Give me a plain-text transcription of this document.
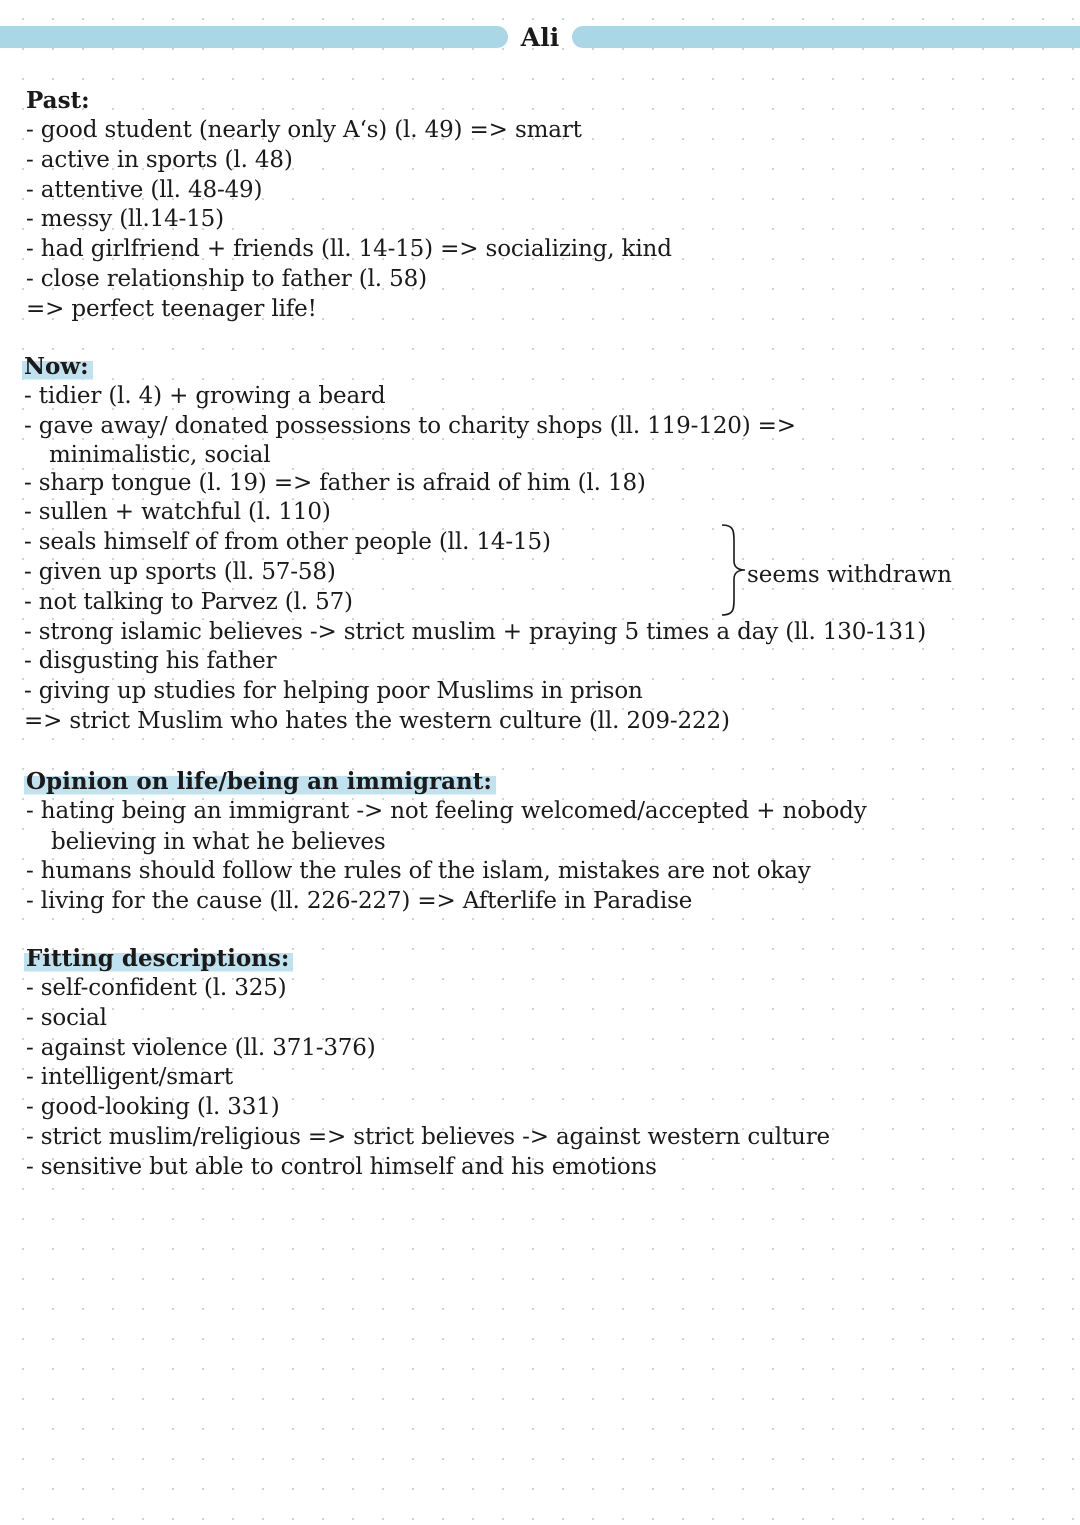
Ali
Past:
- good student (nearly only A‘s) (l. 49) => smart
- active in sports (l. 48)
- attentive (ll. 48-49)
- messy (ll.14-15)
- had girlfriend + friends (ll. 14-15) => socializing, kind
- close relationship to father (l. 58)
=> perfect teenager life!
Now:
- tidier (l. 4) + growing a beard
- gave away/ donated possessions to charity shops (ll. 119-120) =>
minimalistic, social
- sharp tongue (l. 19) => father is afraid of him (l. 18)
- sullen + watchful (l. 110)
- seals himself of from other people (ll. 14-15)
- given up sports (ll. 57-58)
- not talking to Parvez (l. 57)
- strong islamic believes -> strict muslim + praying 5 times a day (ll. 130-131)
- disgusting his father
- giving up studies for helping poor Muslims in prison
=> strict Muslim who hates the western culture (ll. 209-222)
seems withdrawn
Opinion on life/being an immigrant:
- hating being an immigrant -> not feeling welcomed/accepted + nobody
believing in what he believes
- humans should follow the rules of the islam, mistakes are not okay
- living for the cause (ll. 226-227) => Afterlife in Paradise
Fitting descriptions:
- self-confident (l. 325)
- social
- against violence (ll. 371-376)
- intelligent/smart
- good-looking (l. 331)
- strict muslim/religious => strict believes -> against western culture
- sensitive but able to control himself and his emotions
